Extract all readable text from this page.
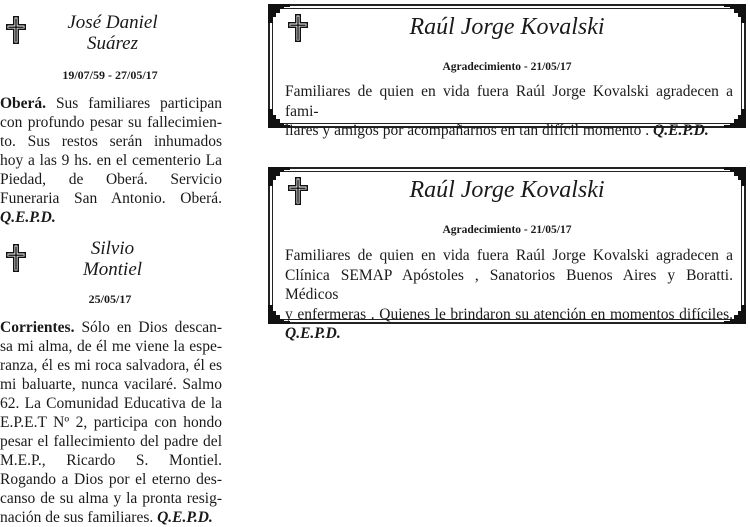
José Daniel
Suárez
19/07/59 - 27/05/17
Oberá. Sus familiares participan
con profundo pesar su fallecimien-
to. Sus restos serán inhumados
hoy a las 9 hs. en el cementerio La
Piedad, de Oberá. Servicio
Funeraria San Antonio. Oberá.
Q.E.P.D.
Silvio
Montiel
25/05/17
Corrientes. Sólo en Dios descan-
sa mi alma, de él me viene la espe-
ranza, él es mi roca salvadora, él es
mi baluarte, nunca vacilaré. Salmo
62. La Comunidad Educativa de la
E.P.E.T Nº 2, participa con hondo
pesar el fallecimiento del padre del
M.E.P., Ricardo S. Montiel.
Rogando a Dios por el eterno des-
canso de su alma y la pronta resig-
nación de sus familiares. Q.E.P.D.
Raúl Jorge Kovalski
Agradecimiento - 21/05/17
Familiares de quien en vida fuera Raúl Jorge Kovalski agradecen a fami-
liares y amigos por acompañarnos en tan difícil momento . Q.E.P.D.
Raúl Jorge Kovalski
Agradecimiento - 21/05/17
Familiares de quien en vida fuera Raúl Jorge Kovalski agradecen a
Clínica SEMAP Apóstoles , Sanatorios Buenos Aires y Boratti. Médicos
y enfermeras . Quienes le brindaron su atención en momentos difíciles.
Q.E.P.D.
